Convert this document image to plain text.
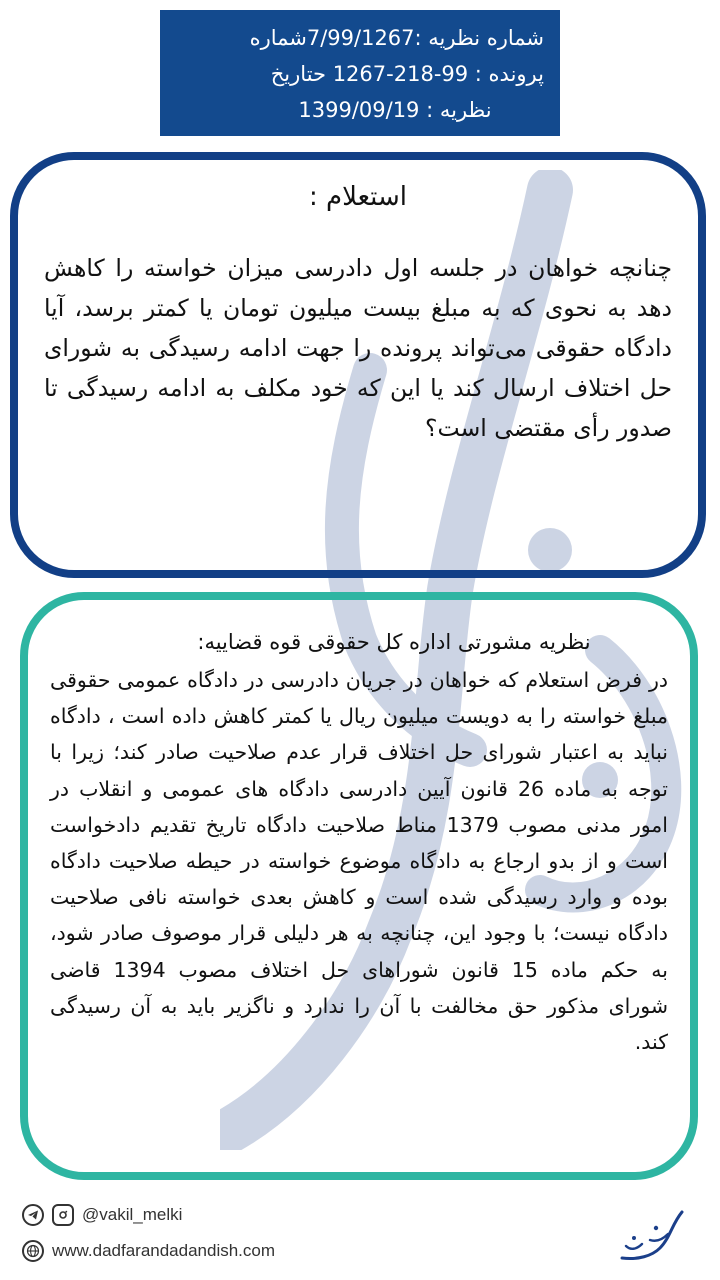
شماره نظریه :7/99/1267شماره
پرونده : 99-218-1267 حتاریخ
نظریه : 1399/09/19
استعلام :
چنانچه خواهان در جلسه اول دادرسی میزان خواسته را کاهش دهد به نحوی که به مبلغ بیست میلیون تومان یا کمتر برسد، آیا دادگاه حقوقی می‌تواند پرونده را جهت ادامه رسیدگی به شورای حل اختلاف ارسال کند یا این که خود مکلف به ادامه رسیدگی تا صدور رأی مقتضی است؟
نظریه مشورتی اداره کل حقوقی قوه قضاییه:
در فرض استعلام که خواهان در جریان دادرسی در دادگاه عمومی حقوقی مبلغ خواسته را به دویست میلیون ریال یا کمتر کاهش داده است ، دادگاه نباید به اعتبار شورای حل اختلاف قرار عدم صلاحیت صادر کند؛ زیرا با توجه به ماده 26 قانون آیین دادرسی دادگاه های عمومی و انقلاب در امور مدنی مصوب 1379 مناط صلاحیت دادگاه تاریخ تقدیم دادخواست است و از بدو ارجاع به دادگاه موضوع خواسته در حیطه صلاحیت دادگاه بوده و وارد رسیدگی شده است و کاهش بعدی خواسته نافی صلاحیت دادگاه نیست؛ با وجود این، چنانچه به هر دلیلی قرار موصوف صادر شود، به حکم ماده 15 قانون شوراهای حل اختلاف مصوب 1394 قاضی شورای مذکور حق مخالفت با آن را ندارد و ناگزیر باید به آن رسیدگی کند.
@vakil_melki
www.dadfarandadandish.com
